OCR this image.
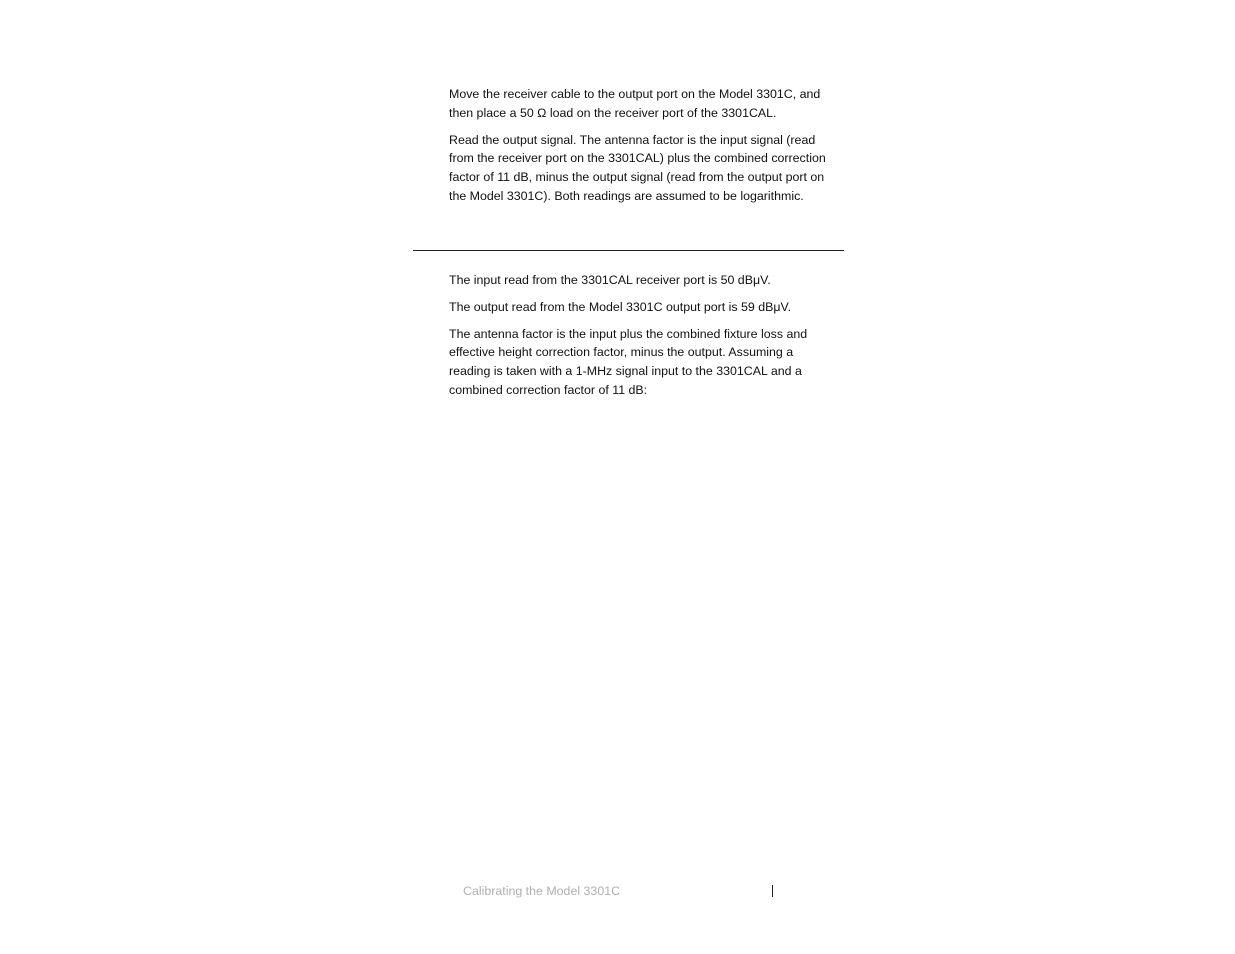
Move the receiver cable to the output port on the Model 3301C, and then place a 50 Ω load on the receiver port of the 3301CAL.

Read the output signal. The antenna factor is the input signal (read from the receiver port on the 3301CAL) plus the combined correction factor of 11 dB, minus the output signal (read from the output port on the Model 3301C). Both readings are assumed to be logarithmic.

The input read from the 3301CAL receiver port is 50 dBμV.

The output read from the Model 3301C output port is 59 dBμV.

The antenna factor is the input plus the combined fixture loss and effective height correction factor, minus the output. Assuming a reading is taken with a 1-MHz signal input to the 3301CAL and a combined correction factor of 11 dB:

Calibrating the Model 3301C
